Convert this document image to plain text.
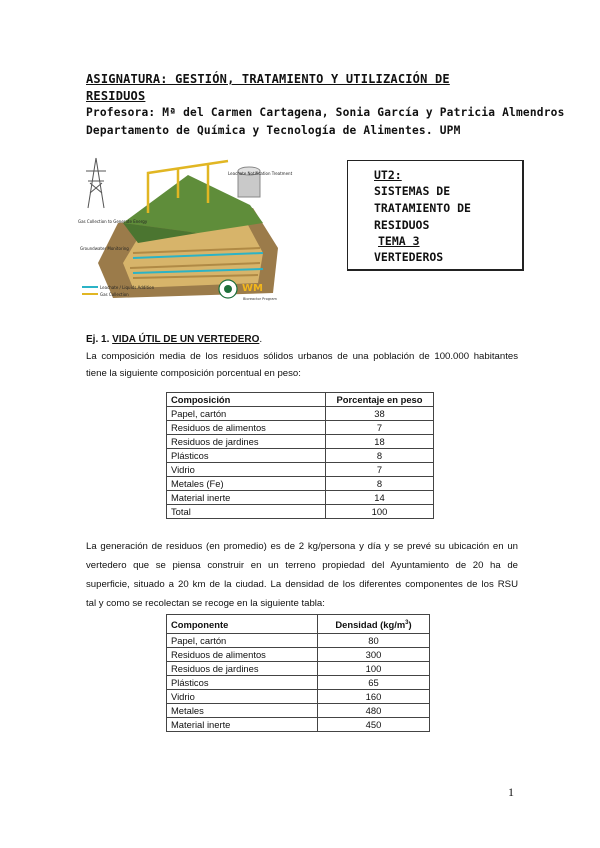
ASIGNATURA: GESTIÓN, TRATAMIENTO Y UTILIZACIÓN DE
RESIDUOS
Profesora: Mª del Carmen Cartagena, Sonia García y Patricia Almendros
Departamento de Química y Tecnología de Alimentes. UPM
Leachate Notification Treatment
Gas Collection to Generate Energy
Groundwater Monitoring
Leachate / Liquids Addition
Gas Collection
WM
Bioreactor Program
UT2:
SISTEMAS DE
TRATAMIENTO DE
RESIDUOS
TEMA 3
VERTEDEROS
Ej. 1. VIDA ÚTIL DE UN VERTEDERO.
La composición media de los residuos sólidos urbanos de una población de 100.000 habitantes
tiene la siguiente composición porcentual en peso:
Composición	Porcentaje en peso
Papel, cartón	38
Residuos de alimentos	7
Residuos de jardines	18
Plásticos	8
Vidrio	7
Metales (Fe)	8
Material inerte	14
Total	100
La generación de residuos (en promedio) es de 2 kg/persona y día y se prevé su ubicación en un
vertedero que se piensa construir en un terreno propiedad del Ayuntamiento de 20 ha de
superficie, situado a 20 km de la ciudad. La densidad de los diferentes componentes de los RSU
tal y como se recolectan se recoge en la siguiente tabla:
Componente	Densidad $(kg/m^3)$
Papel, cartón	80
Residuos de alimentos	300
Residuos de jardines	100
Plásticos	65
Vidrio	160
Metales	480
Material inerte	450
1
